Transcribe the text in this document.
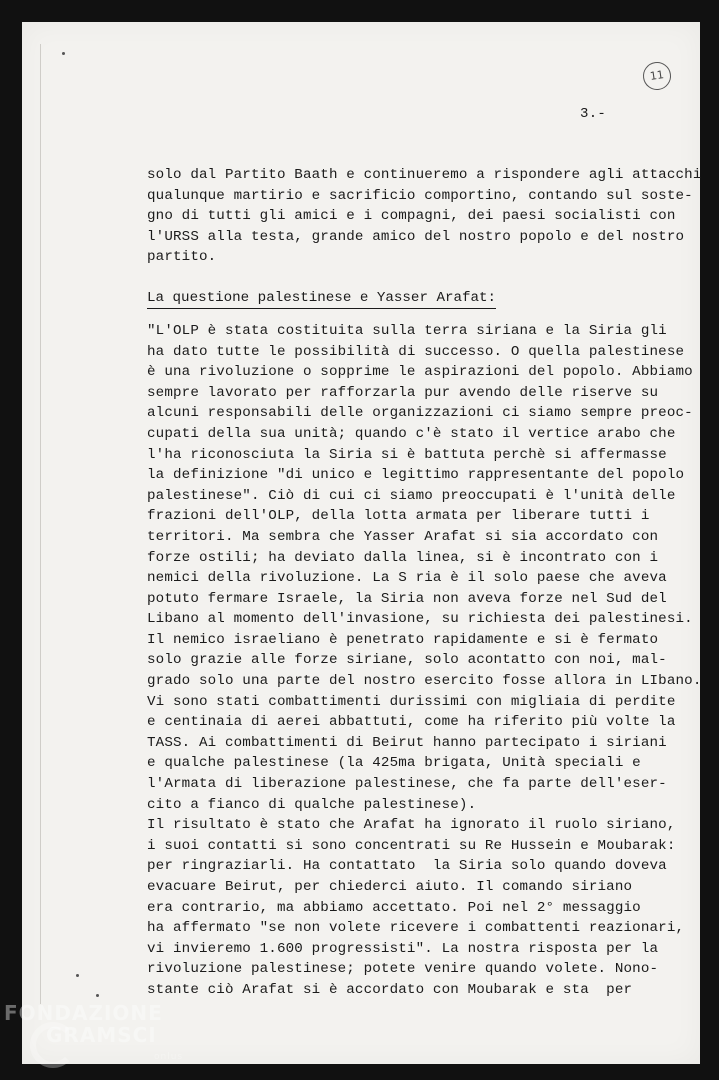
11
3.-
solo dal Partito Baath e continueremo a rispondere agli attacchi
qualunque martirio e sacrificio comportino, contando sul soste-
gno di tutti gli amici e i compagni, dei paesi socialisti con
l'URSS alla testa, grande amico del nostro popolo e del nostro
partito.
La questione palestinese e Yasser Arafat:
"L'OLP è stata costituita sulla terra siriana e la Siria gli
ha dato tutte le possibilità di successo. O quella palestinese
è una rivoluzione o sopprime le aspirazioni del popolo. Abbiamo
sempre lavorato per rafforzarla pur avendo delle riserve su
alcuni responsabili delle organizzazioni ci siamo sempre preoc-
cupati della sua unità; quando c'è stato il vertice arabo che
l'ha riconosciuta la Siria si è battuta perchè si affermasse
la definizione "di unico e legittimo rappresentante del popolo
palestinese". Ciò di cui ci siamo preoccupati è l'unità delle
frazioni dell'OLP, della lotta armata per liberare tutti i
territori. Ma sembra che Yasser Arafat si sia accordato con
forze ostili; ha deviato dalla linea, si è incontrato con i
nemici della rivoluzione. La S ria è il solo paese che aveva
potuto fermare Israele, la Siria non aveva forze nel Sud del
Libano al momento dell'invasione, su richiesta dei palestinesi.
Il nemico israeliano è penetrato rapidamente e si è fermato
solo grazie alle forze siriane, solo acontatto con noi, mal-
grado solo una parte del nostro esercito fosse allora in LIbano.
Vi sono stati combattimenti durissimi con migliaia di perdite
e centinaia di aerei abbattuti, come ha riferito più volte la
TASS. Ai combattimenti di Beirut hanno partecipato i siriani
e qualche palestinese (la 425ma brigata, Unità speciali e
l'Armata di liberazione palestinese, che fa parte dell'eser-
cito a fianco di qualche palestinese).
Il risultato è stato che Arafat ha ignorato il ruolo siriano,
i suoi contatti si sono concentrati su Re Hussein e Moubarak:
per ringraziarli. Ha contattato  la Siria solo quando doveva
evacuare Beirut, per chiederci aiuto. Il comando siriano
era contrario, ma abbiamo accettato. Poi nel 2° messaggio
ha affermato "se non volete ricevere i combattenti reazionari,
vi invieremo 1.600 progressisti". La nostra risposta per la
rivoluzione palestinese; potete venire quando volete. Nono-
stante ciò Arafat si è accordato con Moubarak e sta  per
FONDAZIONE
GRAMSCI
onlus
